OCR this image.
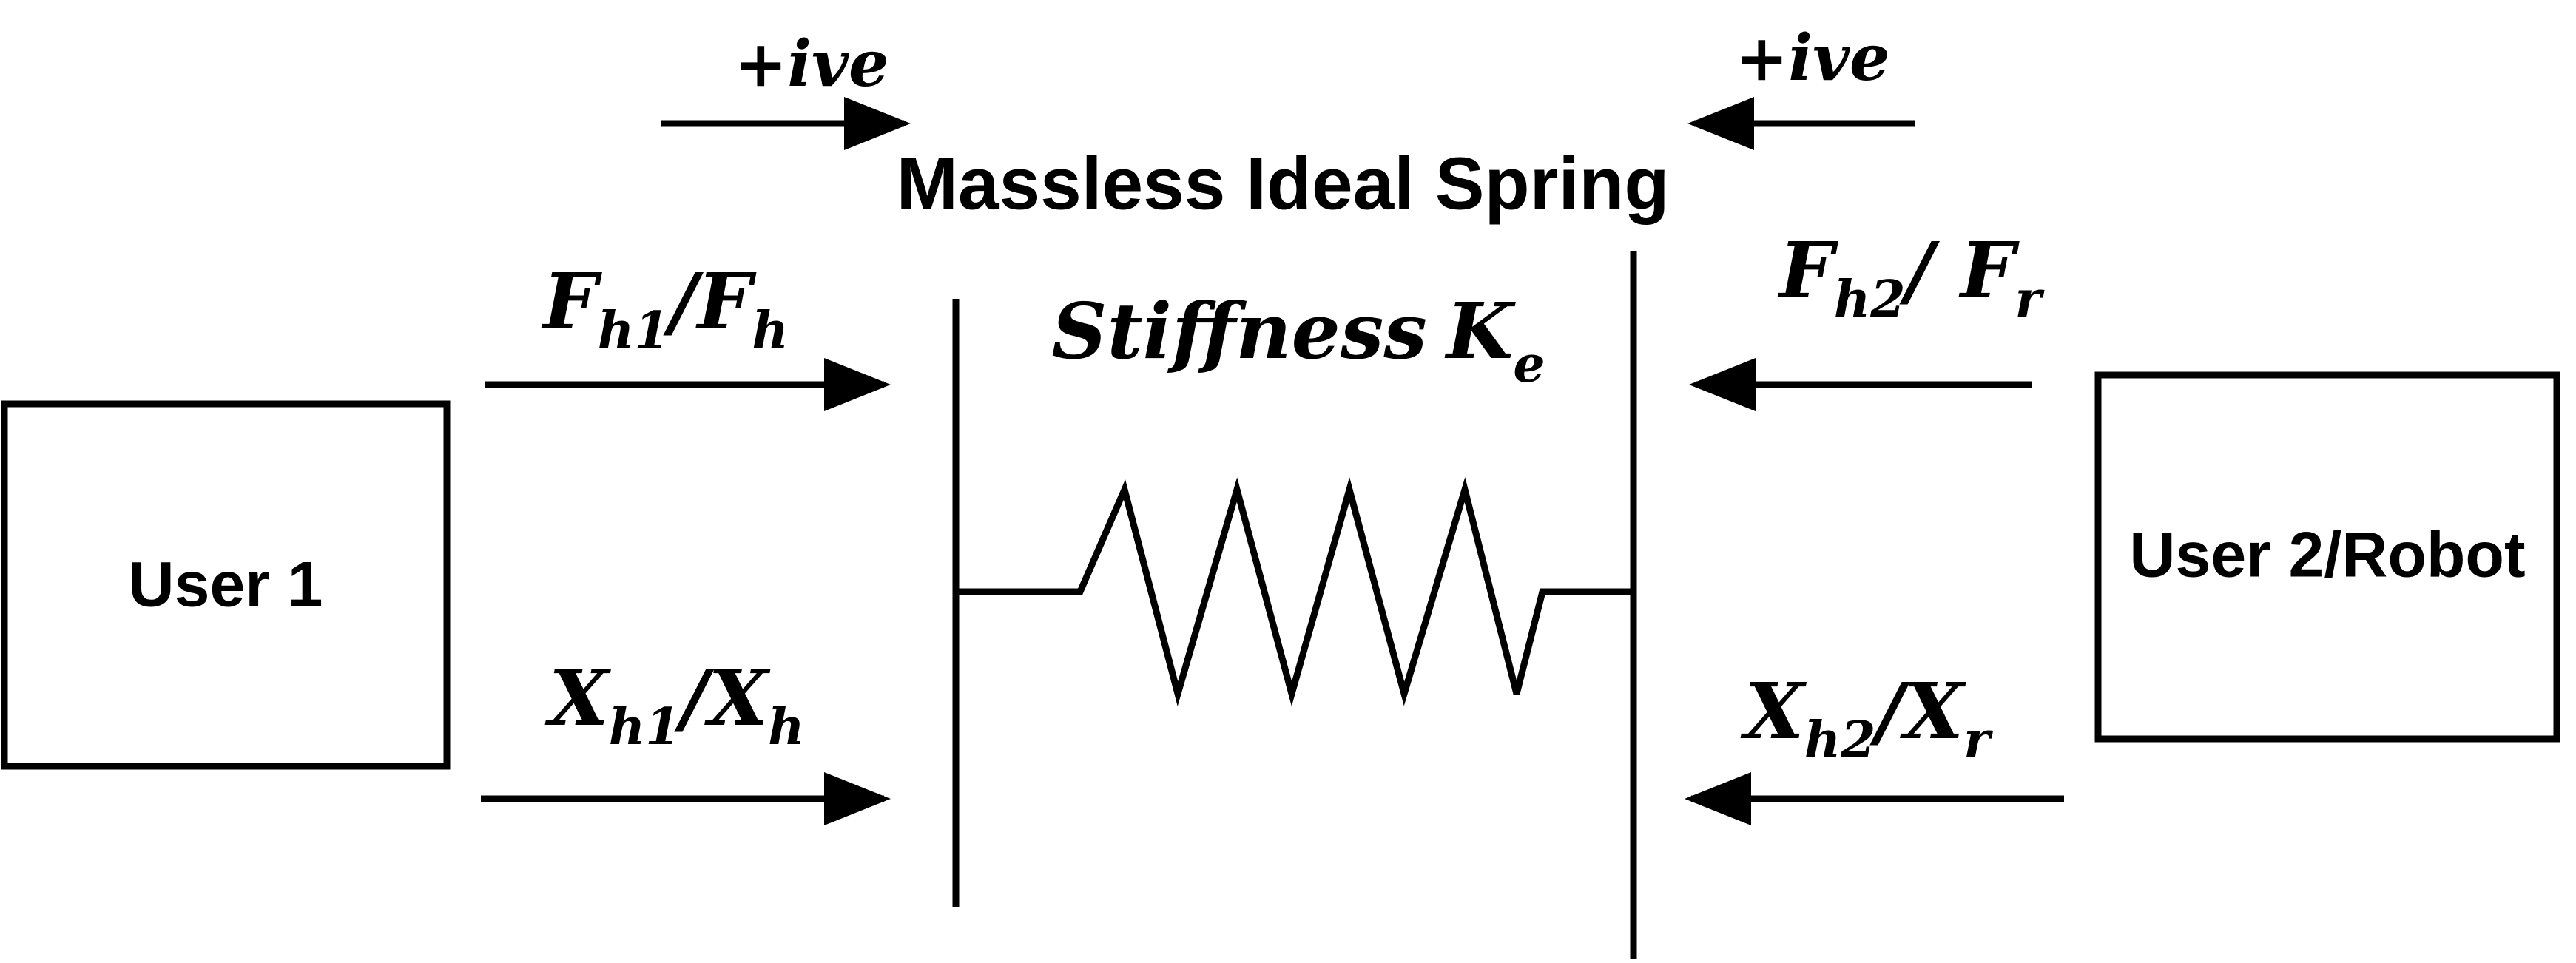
User 1	User 2/Robot
Massless Ideal Spring
Stiffness $K_e$
+ive	+ive
$F_{h1}/F_h$
$F_{h2}/$ $F_r$
$X_{h1}/X_h$	$X_{h2}/X_r$
